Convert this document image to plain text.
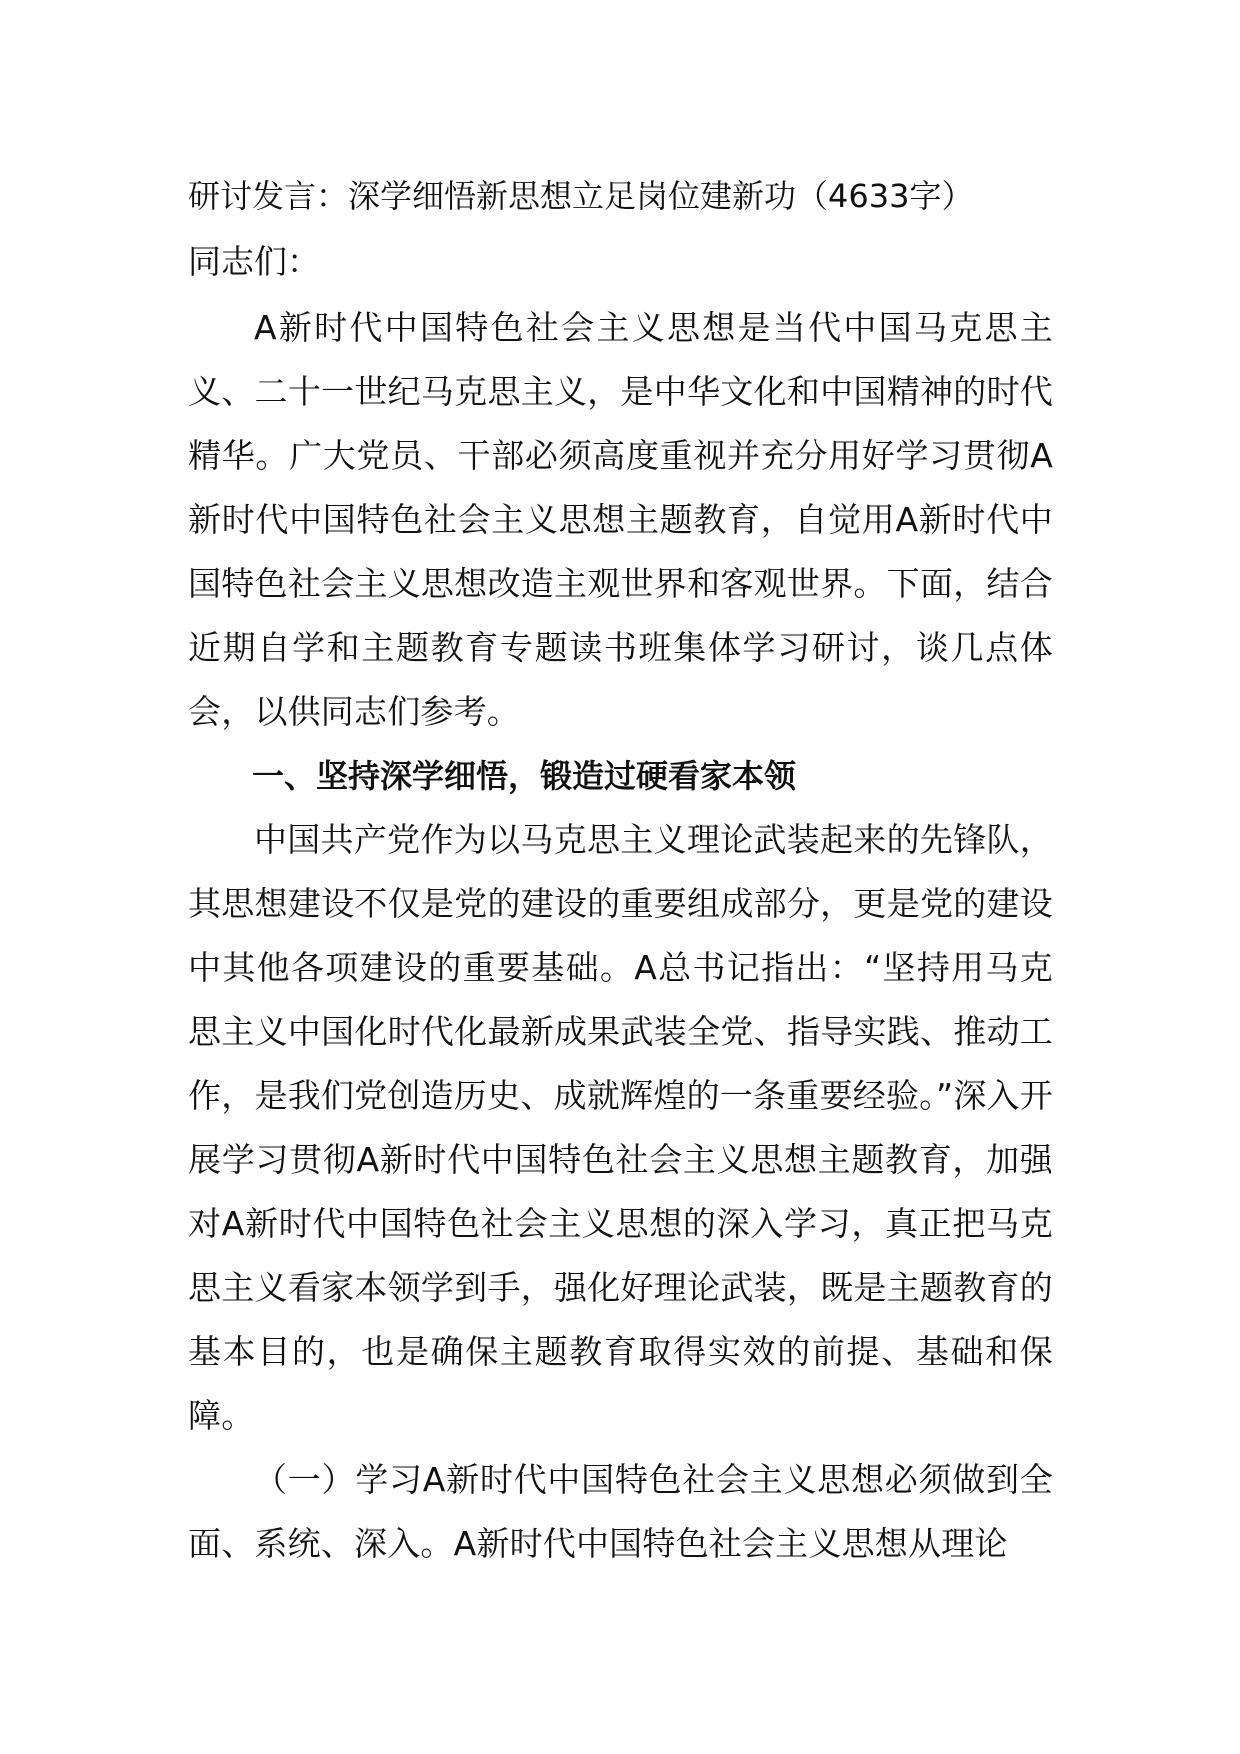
研讨发言：深学细悟新思想立足岗位建新功（4633字）

同志们：

A新时代中国特色社会主义思想是当代中国马克思主义、二十一世纪马克思主义，是中华文化和中国精神的时代精华。广大党员、干部必须高度重视并充分用好学习贯彻A新时代中国特色社会主义思想主题教育，自觉用A新时代中国特色社会主义思想改造主观世界和客观世界。下面，结合近期自学和主题教育专题读书班集体学习研讨，谈几点体会，以供同志们参考。

一、坚持深学细悟，锻造过硬看家本领

中国共产党作为以马克思主义理论武装起来的先锋队，其思想建设不仅是党的建设的重要组成部分，更是党的建设中其他各项建设的重要基础。A总书记指出：“坚持用马克思主义中国化时代化最新成果武装全党、指导实践、推动工作，是我们党创造历史、成就辉煌的一条重要经验。”深入开展学习贯彻A新时代中国特色社会主义思想主题教育，加强对A新时代中国特色社会主义思想的深入学习，真正把马克思主义看家本领学到手，强化好理论武装，既是主题教育的基本目的，也是确保主题教育取得实效的前提、基础和保障。

（一）学习A新时代中国特色社会主义思想必须做到全面、系统、深入。A新时代中国特色社会主义思想从理论
